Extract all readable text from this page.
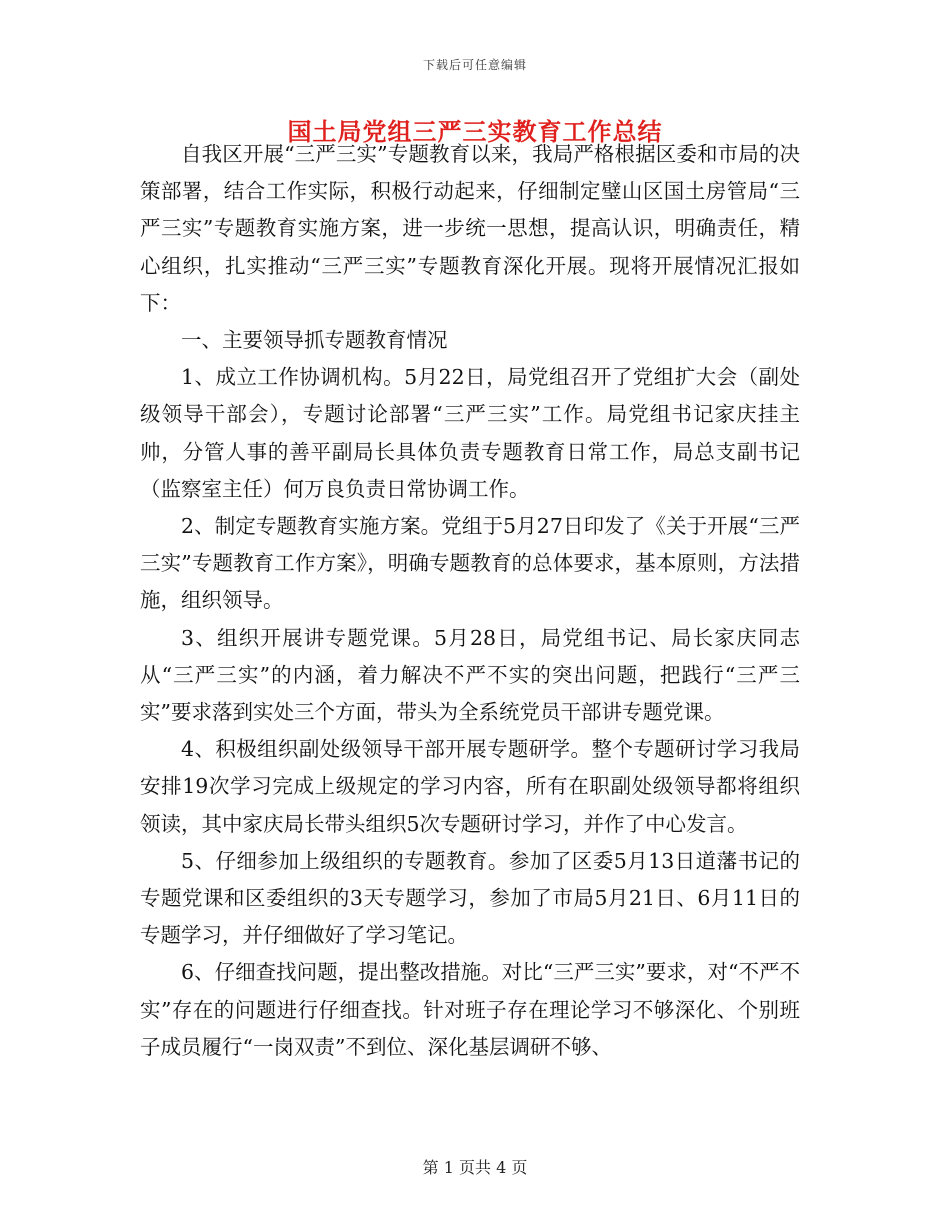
下载后可任意编辑
国土局党组三严三实教育工作总结

自我区开展“三严三实”专题教育以来，我局严格根据区委和市局的决策部署，结合工作实际，积极行动起来，仔细制定璧山区国土房管局“三严三实”专题教育实施方案，进一步统一思想，提高认识，明确责任，精心组织，扎实推动“三严三实”专题教育深化开展。现将开展情况汇报如下：

一、主要领导抓专题教育情况

1、成立工作协调机构。5月22日，局党组召开了党组扩大会（副处级领导干部会），专题讨论部署“三严三实”工作。局党组书记家庆挂主帅，分管人事的善平副局长具体负责专题教育日常工作，局总支副书记（监察室主任）何万良负责日常协调工作。

2、制定专题教育实施方案。党组于5月27日印发了《关于开展“三严三实”专题教育工作方案》，明确专题教育的总体要求，基本原则，方法措施，组织领导。

3、组织开展讲专题党课。5月28日，局党组书记、局长家庆同志从“三严三实”的内涵，着力解决不严不实的突出问题，把践行“三严三实”要求落到实处三个方面，带头为全系统党员干部讲专题党课。

4、积极组织副处级领导干部开展专题研学。整个专题研讨学习我局安排19次学习完成上级规定的学习内容，所有在职副处级领导都将组织领读，其中家庆局长带头组织5次专题研讨学习，并作了中心发言。

5、仔细参加上级组织的专题教育。参加了区委5月13日道藩书记的专题党课和区委组织的3天专题学习，参加了市局5月21日、6月11日的专题学习，并仔细做好了学习笔记。

6、仔细查找问题，提出整改措施。对比“三严三实”要求，对“不严不实”存在的问题进行仔细查找。针对班子存在理论学习不够深化、个别班子成员履行“一岗双责”不到位、深化基层调研不够、

第 1 页共 4 页
